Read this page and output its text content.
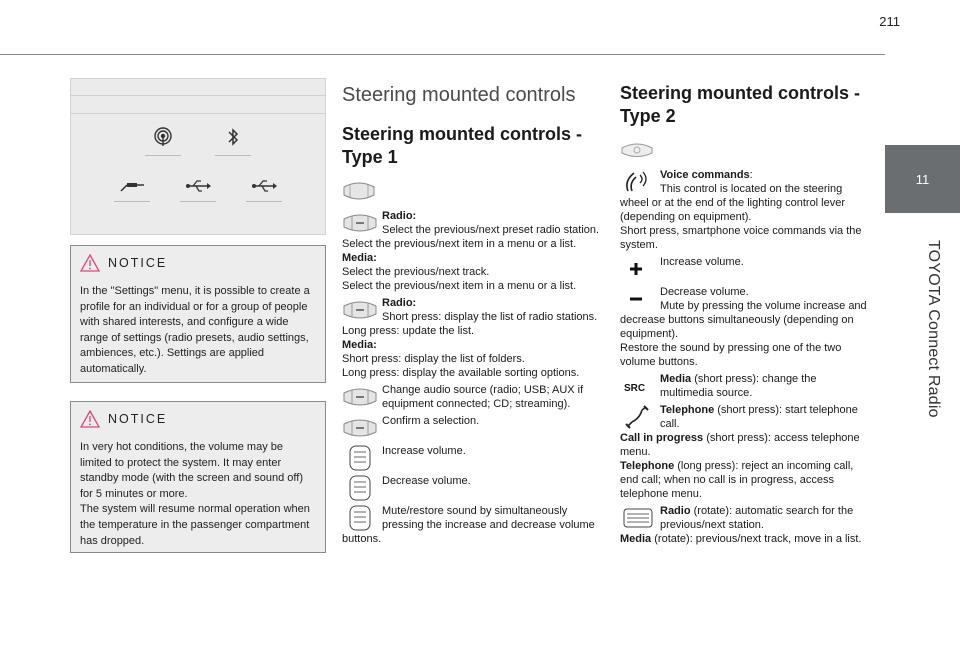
211
11
TOYOTA Connect Radio
NOTICE
In the "Settings" menu, it is possible to create a profile for an individual or for a group of people with shared interests, and configure a wide range of settings (radio presets, audio settings, ambiences, etc.). Settings are applied automatically.
NOTICE
In very hot conditions, the volume may be limited to protect the system. It may enter standby mode (with the screen and sound off) for 5 minutes or more.
The system will resume normal operation when the temperature in the passenger compartment has dropped.
Steering mounted controls
Steering mounted controls - Type 1
Radio:
Select the previous/next preset radio station.
Select the previous/next item in a menu or a list.
Media:
Select the previous/next track.
Select the previous/next item in a menu or a list.
Radio:
Short press: display the list of radio stations.
Long press: update the list.
Media:
Short press: display the list of folders.
Long press: display the available sorting options.
Change audio source (radio; USB; AUX if equipment connected; CD; streaming).
Confirm a selection.
Increase volume.
Decrease volume.
Mute/restore sound by simultaneously pressing the increase and decrease volume buttons.
Steering mounted controls - Type 2
Voice commands:
This control is located on the steering wheel or at the end of the lighting control lever (depending on equipment).
Short press, smartphone voice commands via the system.
Increase volume.
Decrease volume.
Mute by pressing the volume increase and decrease buttons simultaneously (depending on equipment).
Restore the sound by pressing one of the two volume buttons.
SRC
Media (short press): change the multimedia source.
Telephone (short press): start telephone call.
Call in progress (short press): access telephone menu.
Telephone (long press): reject an incoming call, end call; when no call is in progress, access telephone menu.
Radio (rotate): automatic search for the previous/next station.
Media (rotate): previous/next track, move in a list.
